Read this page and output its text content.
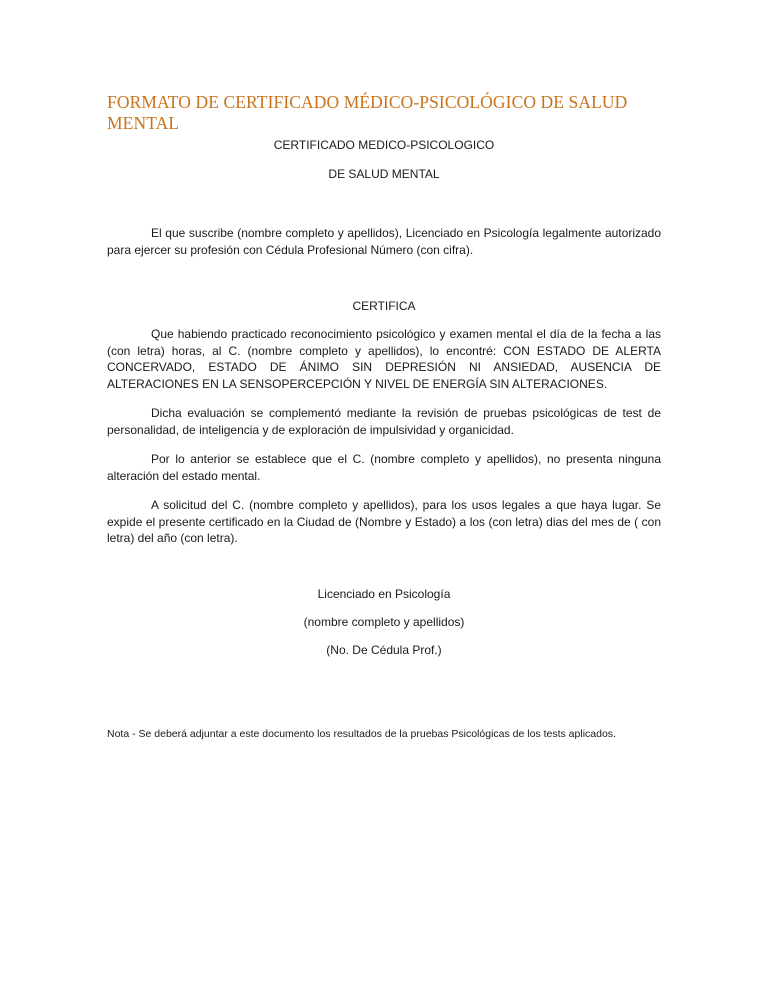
FORMATO DE CERTIFICADO MÉDICO-PSICOLÓGICO DE SALUD MENTAL

CERTIFICADO MEDICO-PSICOLOGICO

DE SALUD MENTAL

El que suscribe (nombre completo y apellidos), Licenciado en Psicología legalmente autorizado para ejercer su profesión con Cédula Profesional Número (con cifra).

CERTIFICA

Que habiendo practicado reconocimiento psicológico y examen mental el día de la fecha a las (con letra) horas, al C. (nombre completo y apellidos), lo encontré: CON ESTADO DE ALERTA CONCERVADO, ESTADO DE ÁNIMO SIN DEPRESIÓN NI ANSIEDAD, AUSENCIA DE ALTERACIONES EN LA SENSOPERCEPCIÓN Y NIVEL DE ENERGÍA SIN ALTERACIONES.

Dicha evaluación se complementó mediante la revisión de pruebas psicológicas de test de personalidad, de inteligencia y de exploración de impulsividad y organicidad.

Por lo anterior se establece que el C. (nombre completo y apellidos), no presenta ninguna alteración del estado mental.

A solicitud del C. (nombre completo y apellidos), para los usos legales a que haya lugar. Se expide el presente certificado en la Ciudad de (Nombre y Estado) a los (con letra) dias del mes de ( con letra) del año (con letra).

Licenciado en Psicología

(nombre completo y apellidos)

(No. De Cédula Prof.)

Nota - Se deberá adjuntar a este documento los resultados de la pruebas Psicológicas de los tests aplicados.
